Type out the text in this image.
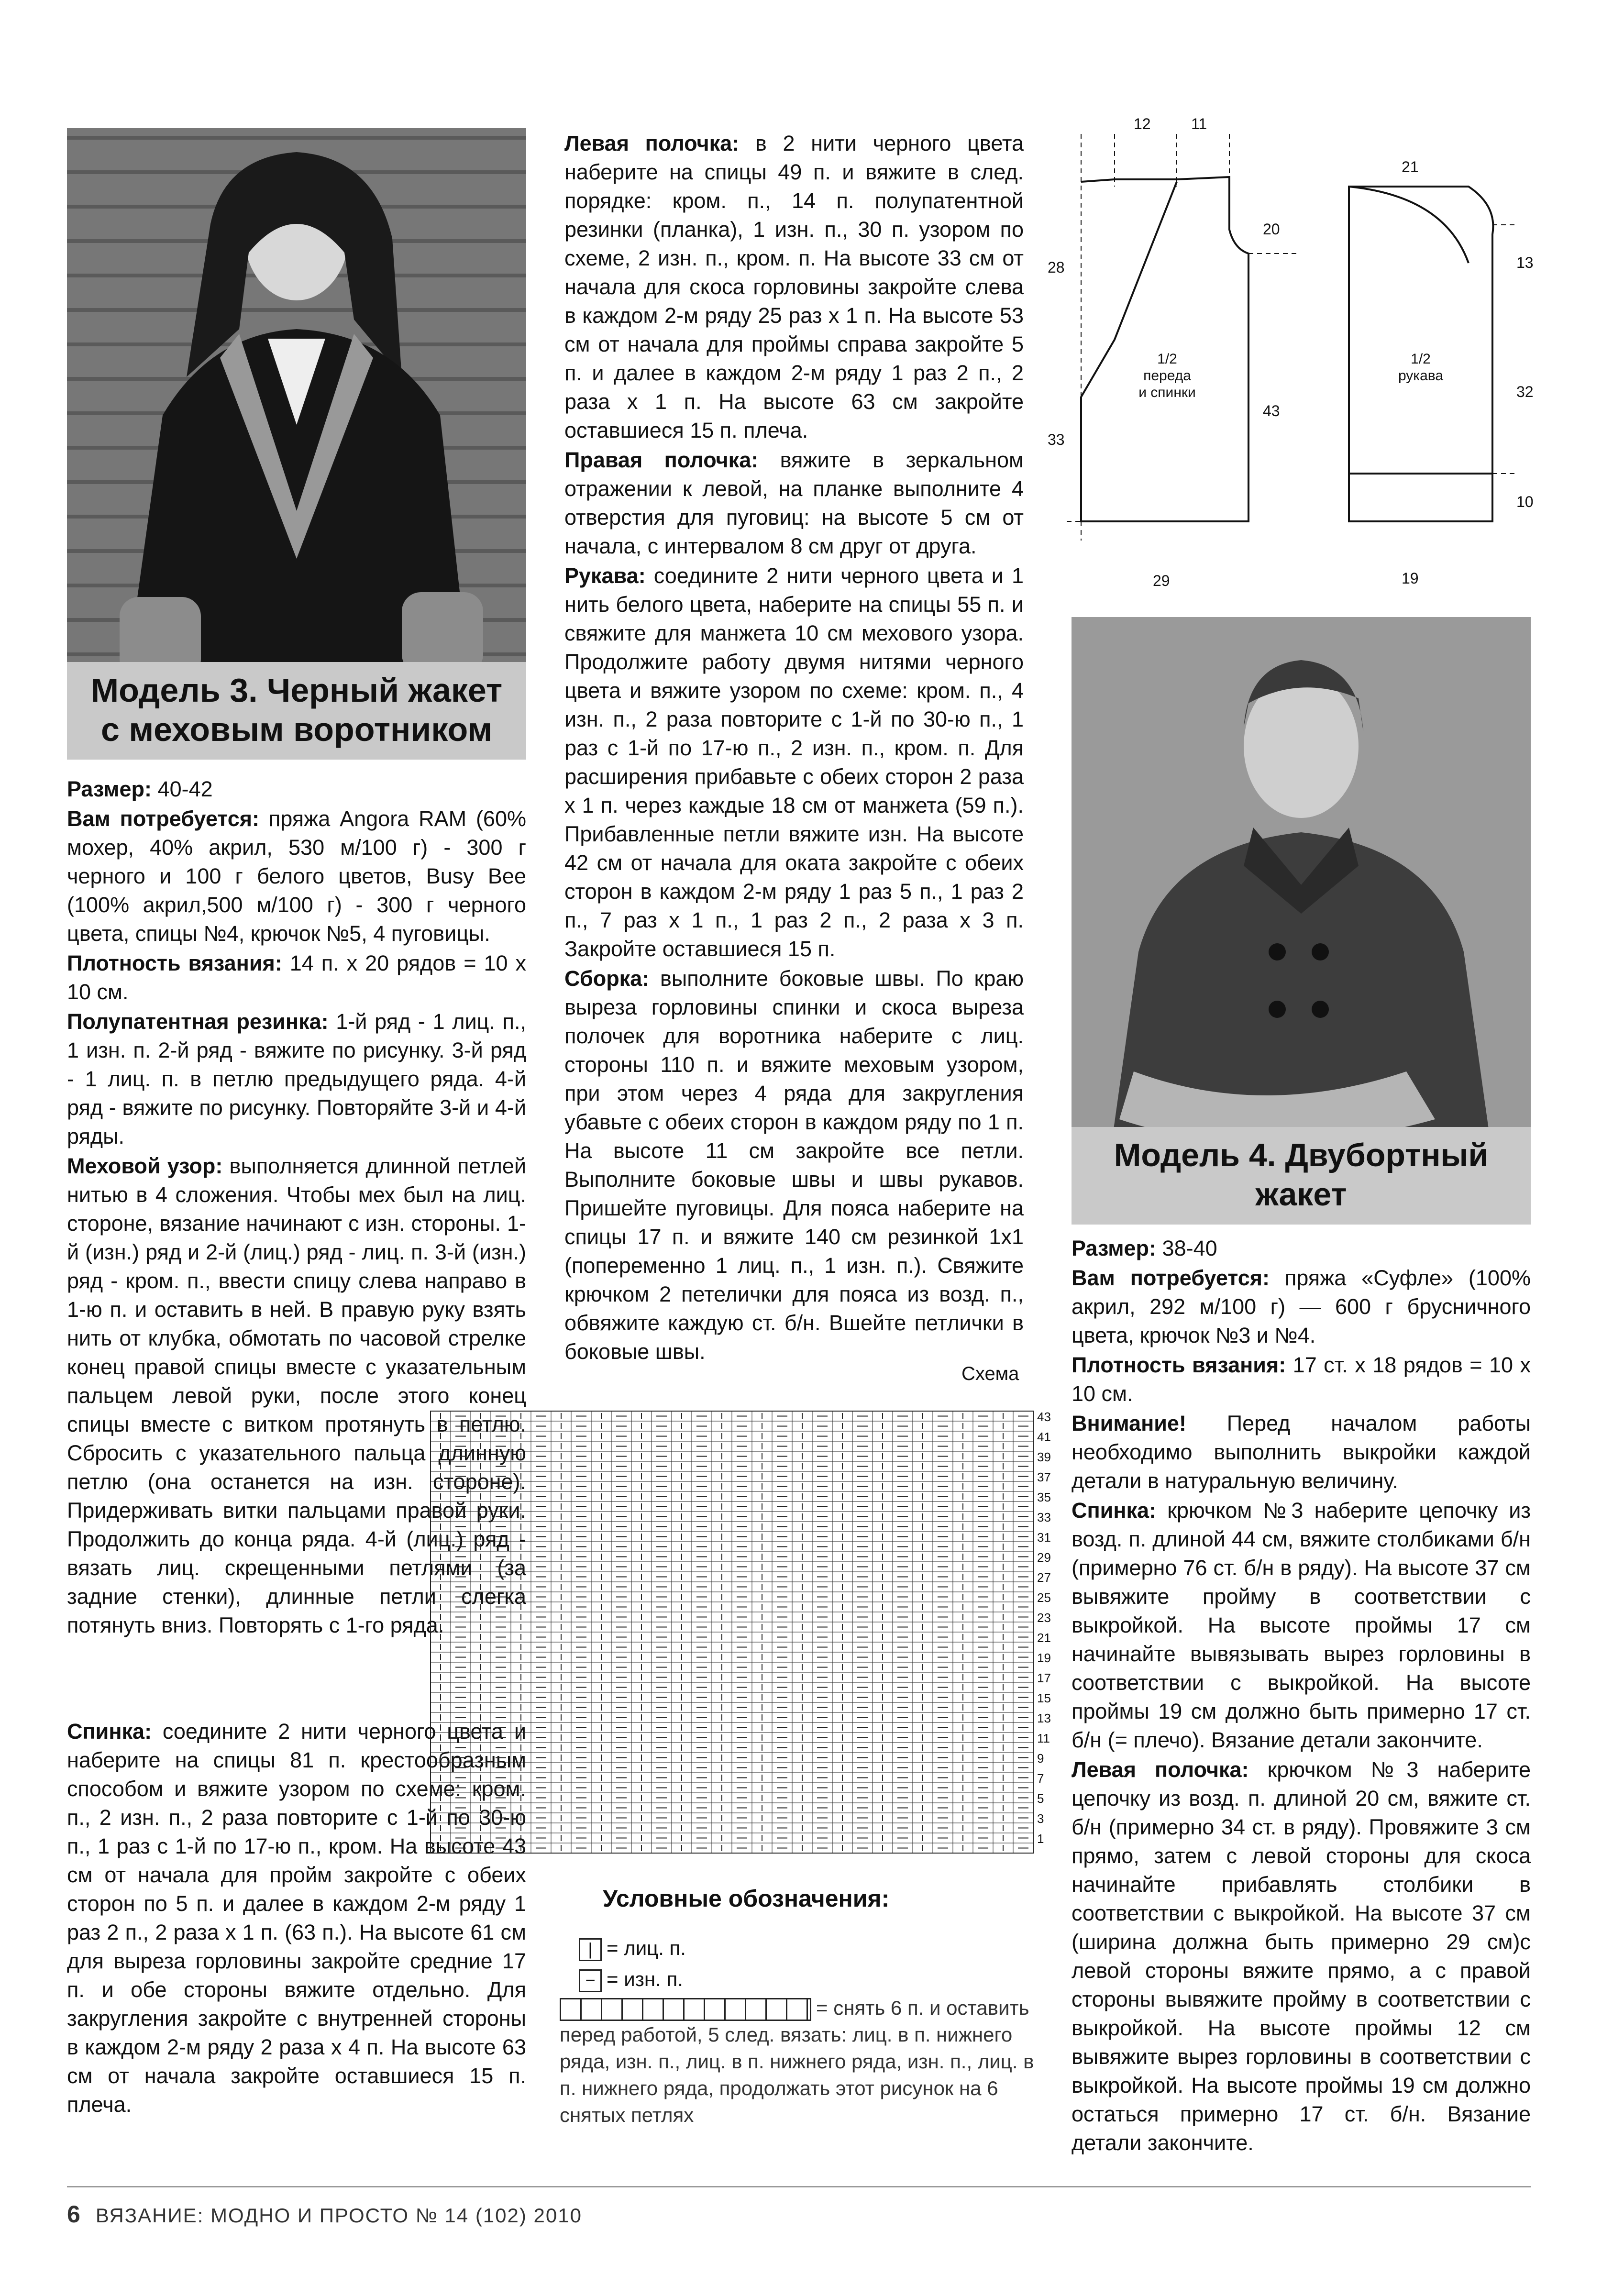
Модель 3. Черный жакет
с меховым воротником

Размер: 40-42

Вам потребуется: пряжа Angora RAM (60% мохер, 40% акрил, 530 м/100 г) - 300 г черного и 100 г белого цветов, Busy Bee (100% акрил,500 м/100 г) - 300 г черного цвета, спицы №4, крючок №5, 4 пуговицы.

Плотность вязания: 14 п. х 20 рядов = 10 х 10 см.

Полупатентная резинка: 1-й ряд - 1 лиц. п., 1 изн. п. 2-й ряд - вяжите по рисунку. 3-й ряд - 1 лиц. п. в петлю предыдущего ряда. 4-й ряд - вяжите по рисунку. Повторяйте 3-й и 4-й ряды.

Меховой узор: выполняется длинной петлей нитью в 4 сложения. Чтобы мех был на лиц. стороне, вязание начинают с изн. стороны. 1-й (изн.) ряд и 2-й (лиц.) ряд - лиц. п. 3-й (изн.) ряд - кром. п., ввести спицу слева направо в 1-ю п. и оставить в ней. В правую руку взять нить от клубка, обмотать по часовой стрелке конец правой спицы вместе с указательным пальцем левой руки, после этого конец спицы вместе с витком протянуть в петлю. Сбросить с указательного пальца длинную петлю (она останется на изн. стороне). Придерживать витки пальцами правой руки. Продолжить до конца ряда. 4-й (лиц.) ряд - вязать лиц. скрещенными петлями (за задние стенки), длинные петли слегка потянуть вниз. Повторять с 1-го ряда.

Спинка: соедините 2 нити черного цвета и наберите на спицы 81 п. крестообразным способом и вяжите узором по схеме: кром. п., 2 изн. п., 2 раза повторите с 1-й по 30-ю п., 1 раз с 1-й по 17-ю п., кром. На высоте 43 см от начала для пройм закройте с обеих сторон по 5 п. и далее в каждом 2-м ряду 1 раз 2 п., 2 раза х 1 п. (63 п.). На высоте 61 см для выреза горловины закройте средние 17 п. и обе стороны вяжите отдельно. Для закругления закройте с внутренней стороны в каждом 2-м ряду 2 раза х 4 п. На высоте 63 см от начала закройте оставшиеся 15 п. плеча.

Левая полочка: в 2 нити черного цвета наберите на спицы 49 п. и вяжите в след. порядке: кром. п., 14 п. полупатентной резинки (планка), 1 изн. п., 30 п. узором по схеме, 2 изн. п., кром. п. На высоте 33 см от начала для скоса горловины закройте слева в каждом 2-м ряду 25 раз х 1 п. На высоте 53 см от начала для проймы справа закройте 5 п. и далее в каждом 2-м ряду 1 раз 2 п., 2 раза х 1 п. На высоте 63 см закройте оставшиеся 15 п. плеча.

Правая полочка: вяжите в зеркальном отражении к левой, на планке выполните 4 отверстия для пуговиц: на высоте 5 см от начала, с интервалом 8 см друг от друга.

Рукава: соедините 2 нити черного цвета и 1 нить белого цвета, наберите на спицы 55 п. и свяжите для манжета 10 см мехового узора. Продолжите работу двумя нитями черного цвета и вяжите узором по схеме: кром. п., 4 изн. п., 2 раза повторите с 1-й по 30-ю п., 1 раз с 1-й по 17-ю п., 2 изн. п., кром. п. Для расширения прибавьте с обеих сторон 2 раза х 1 п. через каждые 18 см от манжета (59 п.). Прибавленные петли вяжите изн. На высоте 42 см от начала для оката закройте с обеих сторон в каждом 2-м ряду 1 раз 5 п., 1 раз 2 п., 7 раз х 1 п., 1 раз 2 п., 2 раза х 3 п. Закройте оставшиеся 15 п.

Сборка: выполните боковые швы. По краю выреза горловины спинки и скоса выреза полочек для воротника наберите с лиц. стороны 110 п. и вяжите меховым узором, при этом через 4 ряда для закругления убавьте с обеих сторон в каждом ряду по 1 п. На высоте 11 см закройте все петли. Выполните боковые швы и швы рукавов. Пришейте пуговицы. Для пояса наберите на спицы 17 п. и вяжите 140 см резинкой 1х1 (попеременно 1 лиц. п., 1 изн. п.). Свяжите крючком 2 петелички для пояса из возд. п., обвяжите каждую ст. б/н. Вшейте петлички в боковые швы.

Схема
43
41
39
37
35
33
31
29
27
25
23
21
19
17
15
13
11
9
7
5
3
1
Условные обозначения:
| = лиц. п.
− = изн. п.
= снять 6 п. и оставить перед работой, 5 след. вязать: лиц. в п. нижнего ряда, изн. п., лиц. в п. нижнего ряда, изн. п., лиц. в п. нижнего ряда, продолжать этот рисунок на 6 снятых петлях
12	11
20
28
43
33
29
21
13
32
10
19
1/2
переда
и спинки
1/2
рукава
Модель 4. Двубортный жакет

Размер: 38-40

Вам потребуется: пряжа «Суфле» (100% акрил, 292 м/100 г) — 600 г брусничного цвета, крючок №3 и №4.

Плотность вязания: 17 ст. х 18 рядов = 10 х 10 см.

Внимание! Перед началом работы необходимо выполнить выкройки каждой детали в натуральную величину.

Спинка: крючком №3 наберите цепочку из возд. п. длиной 44 см, вяжите столбиками б/н (примерно 76 ст. б/н в ряду). На высоте 37 см вывяжите пройму в соответствии с выкройкой. На высоте проймы 17 см начинайте вывязывать вырез горловины в соответствии с выкройкой. На высоте проймы 19 см должно быть примерно 17 ст. б/н (= плечо). Вязание детали закончите.

Левая полочка: крючком №3 наберите цепочку из возд. п. длиной 20 см, вяжите ст. б/н (примерно 34 ст. в ряду). Провяжите 3 см прямо, затем с левой стороны для скоса начинайте прибавлять столбики в соответствии с выкройкой. На высоте 37 см (ширина должна быть примерно 29 см)с левой стороны вяжите прямо, а с правой стороны вывяжите пройму в соответствии с выкройкой. На высоте проймы 12 см вывяжите вырез горловины в соответствии с выкройкой. На высоте проймы 19 см должно остаться примерно 17 ст. б/н. Вязание детали закончите.

6 ВЯЗАНИЕ: МОДНО И ПРОСТО № 14 (102) 2010
